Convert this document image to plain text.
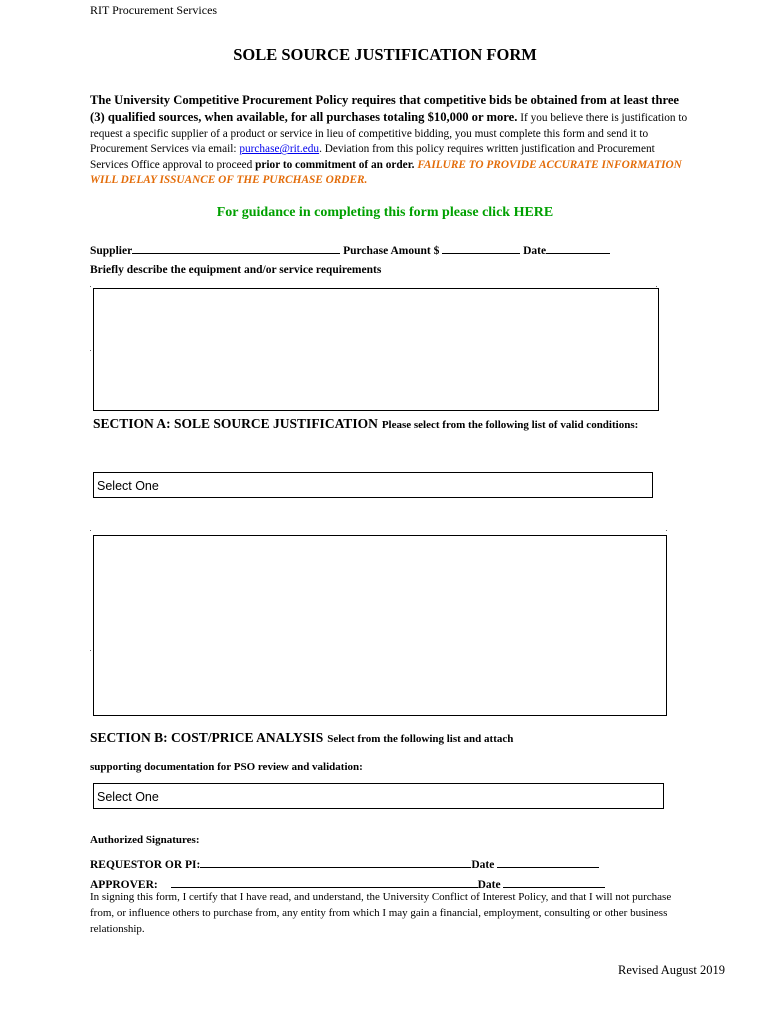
RIT Procurement Services
SOLE SOURCE JUSTIFICATION FORM
The University Competitive Procurement Policy requires that competitive bids be obtained from at least three (3) qualified sources, when available, for all purchases totaling $10,000 or more. If you believe there is justification to request a specific supplier of a product or service in lieu of competitive bidding, you must complete this form and send it to Procurement Services via email: purchase@rit.edu. Deviation from this policy requires written justification and Procurement Services Office approval to proceed prior to commitment of an order. FAILURE TO PROVIDE ACCURATE INFORMATION WILL DELAY ISSUANCE OF THE PURCHASE ORDER.
For guidance in completing this form please click HERE
Supplier	Purchase Amount $	Date
Briefly describe the equipment and/or service requirements
SECTION A: SOLE SOURCE JUSTIFICATION Please select from the following list of valid conditions:
Select One
SECTION B: COST/PRICE ANALYSIS Select from the following list and attach
supporting documentation for PSO review and validation:
Select One
Authorized Signatures:
REQUESTOR OR PI:	Date
APPROVER:	Date
In signing this form, I certify that I have read, and understand, the University Conflict of Interest Policy, and that I will not purchase from, or influence others to purchase from, any entity from which I may gain a financial, employment, consulting or other business relationship.
Revised August 2019
